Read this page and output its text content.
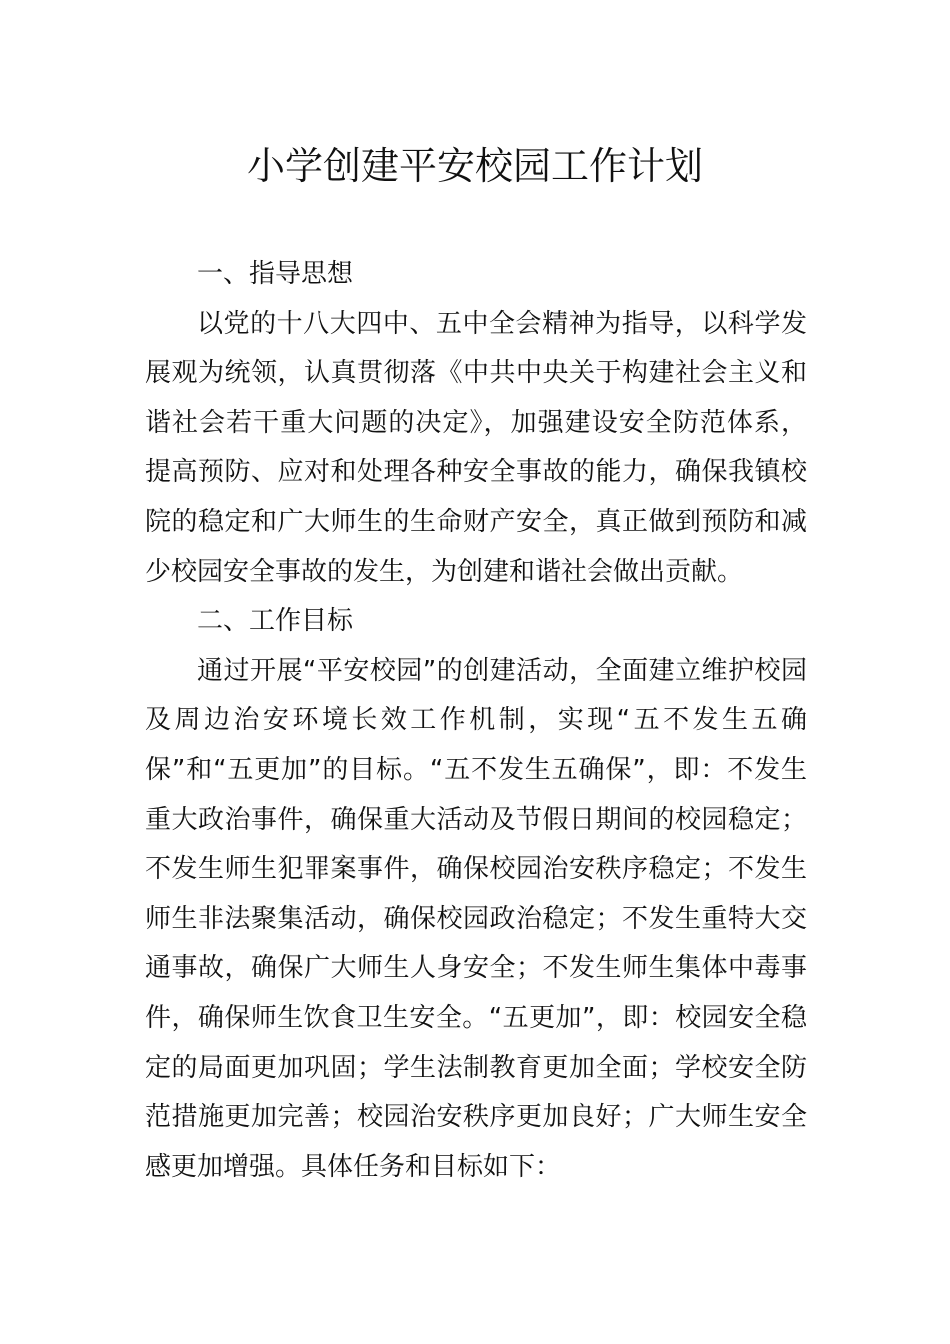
小学创建平安校园工作计划

一、指导思想

以党的十八大四中、五中全会精神为指导，以科学发展观为统领，认真贯彻落《中共中央关于构建社会主义和谐社会若干重大问题的决定》，加强建设安全防范体系，提高预防、应对和处理各种安全事故的能力，确保我镇校院的稳定和广大师生的生命财产安全，真正做到预防和减少校园安全事故的发生，为创建和谐社会做出贡献。

二、工作目标

通过开展“平安校园”的创建活动，全面建立维护校园及周边治安环境长效工作机制，实现“五不发生五确保”和“五更加”的目标。“五不发生五确保”，即：不发生重大政治事件，确保重大活动及节假日期间的校园稳定；不发生师生犯罪案事件，确保校园治安秩序稳定；不发生师生非法聚集活动，确保校园政治稳定；不发生重特大交通事故，确保广大师生人身安全；不发生师生集体中毒事件，确保师生饮食卫生安全。“五更加”，即：校园安全稳定的局面更加巩固；学生法制教育更加全面；学校安全防范措施更加完善；校园治安秩序更加良好；广大师生安全感更加增强。具体任务和目标如下：
